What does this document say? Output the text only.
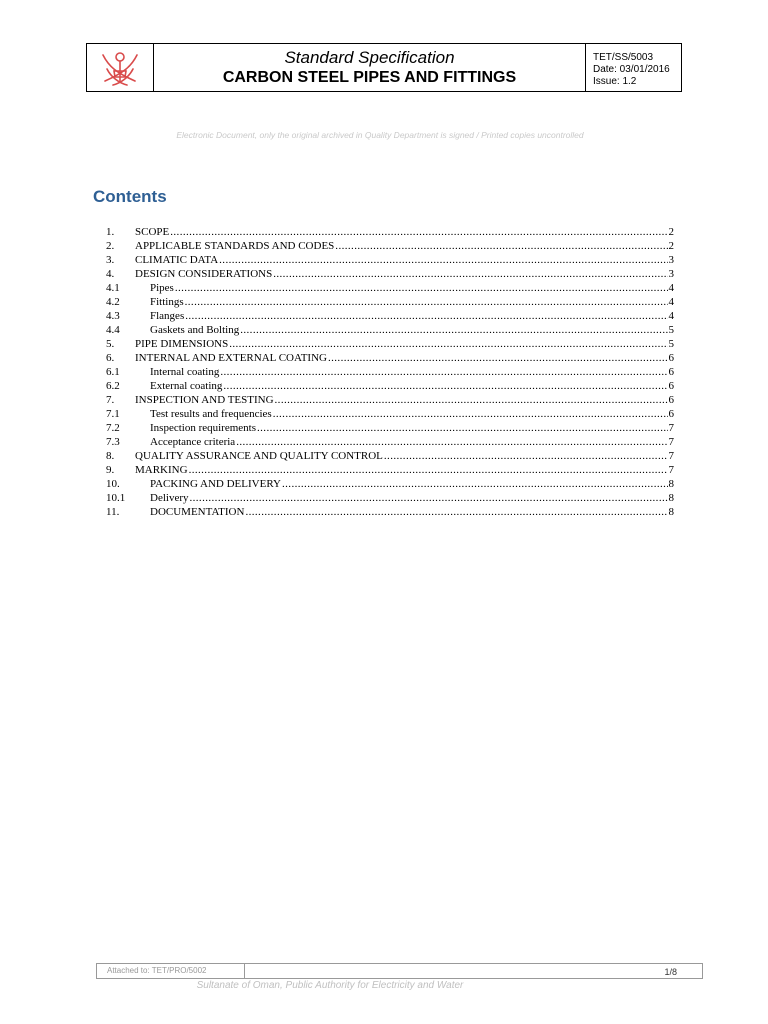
Standard Specification
CARBON STEEL PIPES AND FITTINGS
TET/SS/5003
Date: 03/01/2016
Issue: 1.2
Electronic Document, only the original archived in Quality Department is signed / Printed copies uncontrolled
Contents
1.	SCOPE .....	2
2.	APPLICABLE STANDARDS AND CODES .....	2
3.	CLIMATIC DATA .....	3
4.	DESIGN CONSIDERATIONS .....	3
4.1	Pipes .....	4
4.2	Fittings .....	4
4.3	Flanges .....	4
4.4	Gaskets and Bolting .....	5
5.	PIPE DIMENSIONS .....	5
6.	INTERNAL AND EXTERNAL COATING .....	6
6.1	Internal coating .....	6
6.2	External coating .....	6
7.	INSPECTION AND TESTING .....	6
7.1	Test results and frequencies .....	6
7.2	Inspection requirements .....	7
7.3	Acceptance criteria .....	7
8.	QUALITY ASSURANCE AND QUALITY CONTROL .....	7
9.	MARKING .....	7
10.	PACKING AND DELIVERY .....	8
10.1	Delivery .....	8
11.	DOCUMENTATION .....	8
Attached to: TET/PRO/5002	1/8
Sultanate of Oman, Public Authority for Electricity and Water
